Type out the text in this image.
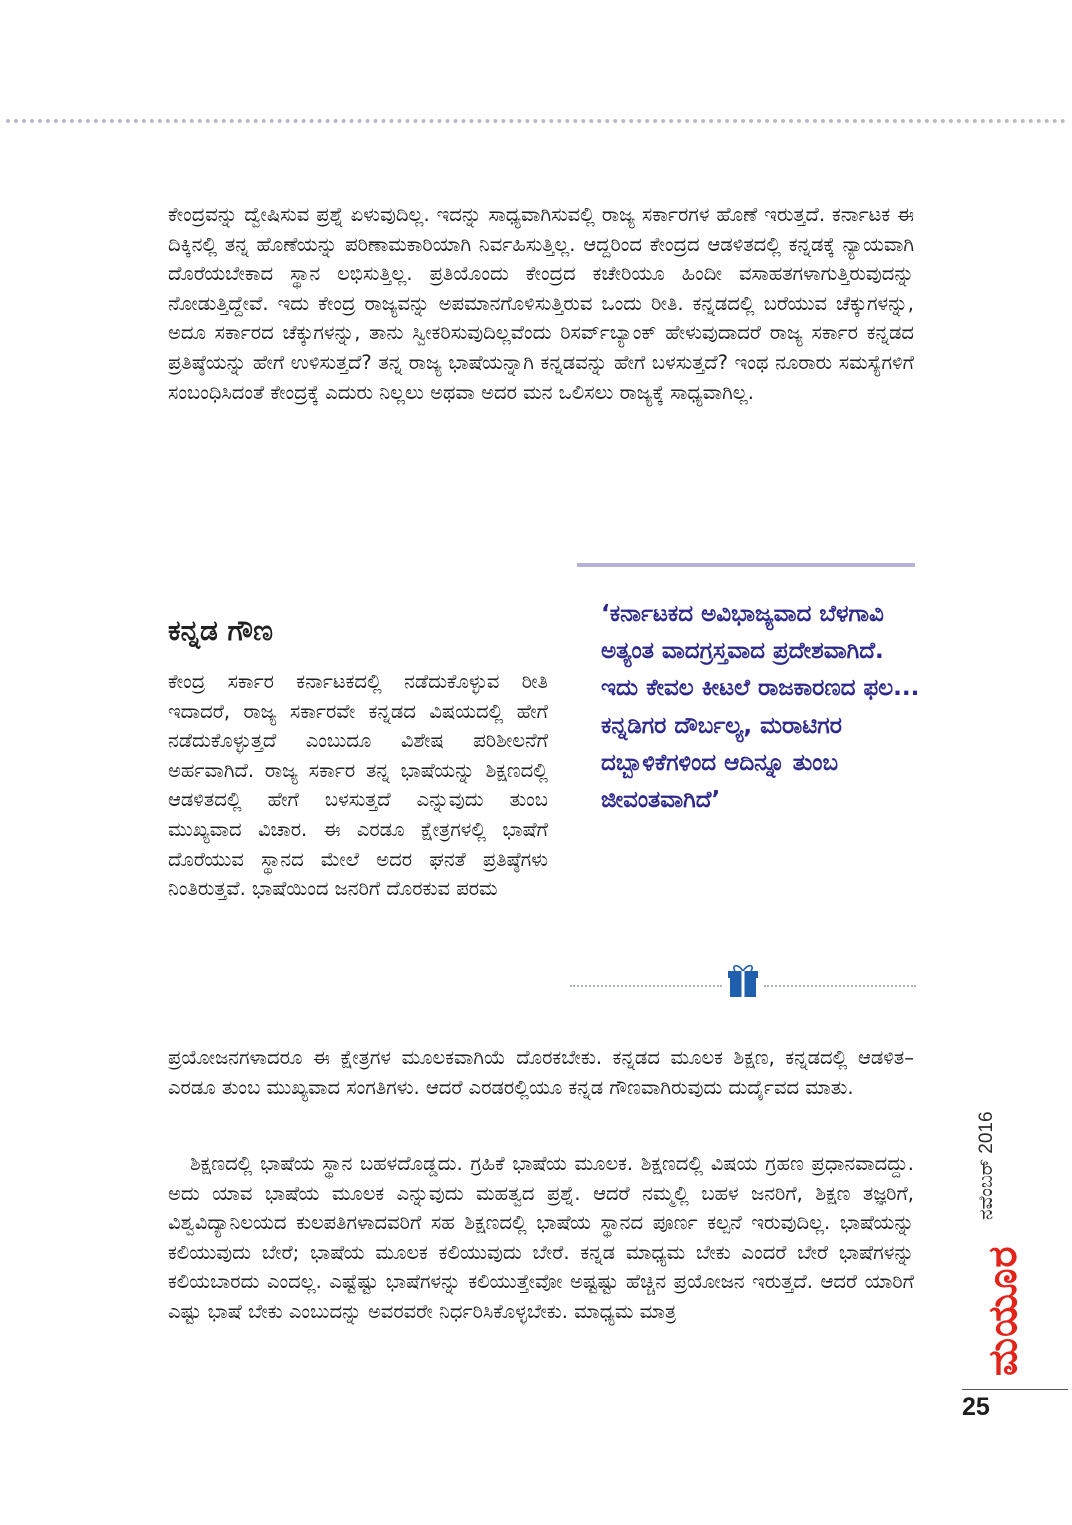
ಕೇಂದ್ರವನ್ನು ದ್ವೇಷಿಸುವ ಪ್ರಶ್ನೆ ಏಳುವುದಿಲ್ಲ. ಇದನ್ನು ಸಾಧ್ಯವಾಗಿಸುವಲ್ಲಿ ರಾಜ್ಯ ಸರ್ಕಾರಗಳ ಹೊಣೆ ಇರುತ್ತದೆ. ಕರ್ನಾಟಕ ಈ ದಿಕ್ಕಿನಲ್ಲಿ ತನ್ನ ಹೊಣೆಯನ್ನು ಪರಿಣಾಮಕಾರಿಯಾಗಿ ನಿರ್ವಹಿಸುತ್ತಿಲ್ಲ. ಆದ್ದರಿಂದ ಕೇಂದ್ರದ ಆಡಳಿತದಲ್ಲಿ ಕನ್ನಡಕ್ಕೆ ನ್ಯಾಯವಾಗಿ ದೊರೆಯಬೇಕಾದ ಸ್ಥಾನ ಲಭಿಸುತ್ತಿಲ್ಲ. ಪ್ರತಿಯೊಂದು ಕೇಂದ್ರದ ಕಚೇರಿಯೂ ಹಿಂದೀ ವಸಾಹತಗಳಾಗುತ್ತಿರುವುದನ್ನು ನೋಡುತ್ತಿದ್ದೇವೆ. ಇದು ಕೇಂದ್ರ ರಾಜ್ಯವನ್ನು ಅಪಮಾನಗೊಳಿಸುತ್ತಿರುವ ಒಂದು ರೀತಿ. ಕನ್ನಡದಲ್ಲಿ ಬರೆಯುವ ಚೆಕ್ಕುಗಳನ್ನು, ಅದೂ ಸರ್ಕಾರದ ಚೆಕ್ಕುಗಳನ್ನು, ತಾನು ಸ್ವೀಕರಿಸುವುದಿಲ್ಲವೆಂದು ರಿಸರ್ವ್‌ಬ್ಯಾಂಕ್ ಹೇಳುವುದಾದರೆ ರಾಜ್ಯ ಸರ್ಕಾರ ಕನ್ನಡದ ಪ್ರತಿಷ್ಠೆಯನ್ನು ಹೇಗೆ ಉಳಿಸುತ್ತದೆ? ತನ್ನ ರಾಜ್ಯ ಭಾಷೆಯನ್ನಾಗಿ ಕನ್ನಡವನ್ನು ಹೇಗೆ ಬಳಸುತ್ತದೆ? ಇಂಥ ನೂರಾರು ಸಮಸ್ಯೆಗಳಿಗೆ ಸಂಬಂಧಿಸಿದಂತೆ ಕೇಂದ್ರಕ್ಕೆ ಎದುರು ನಿಲ್ಲಲು ಅಥವಾ ಅದರ ಮನ ಒಲಿಸಲು ರಾಜ್ಯಕ್ಕೆ ಸಾಧ್ಯವಾಗಿಲ್ಲ.

‘ಕರ್ನಾಟಕದ ಅವಿಭಾಜ್ಯವಾದ ಬೆಳಗಾವಿ ಅತ್ಯಂತ ವಾದಗ್ರಸ್ತವಾದ ಪ್ರದೇಶವಾಗಿದೆ. ಇದು ಕೇವಲ ಕೀಟಲೆ ರಾಜಕಾರಣದ ಫಲ... ಕನ್ನಡಿಗರ ದೌರ್ಬಲ್ಯ, ಮರಾಟಿಗರ ದಬ್ಬಾಳಿಕೆಗಳಿಂದ ಆದಿನ್ನೂ ತುಂಬ ಜೀವಂತವಾಗಿದೆ’

ಕನ್ನಡ ಗೌಣ

ಕೇಂದ್ರ ಸರ್ಕಾರ ಕರ್ನಾಟಕದಲ್ಲಿ ನಡೆದುಕೊಳ್ಳುವ ರೀತಿ ಇದಾದರೆ, ರಾಜ್ಯ ಸರ್ಕಾರವೇ ಕನ್ನಡದ ವಿಷಯದಲ್ಲಿ ಹೇಗೆ ನಡೆದುಕೊಳ್ಳುತ್ತದೆ ಎಂಬುದೂ ವಿಶೇಷ ಪರಿಶೀಲನೆಗೆ ಅರ್ಹವಾಗಿದೆ. ರಾಜ್ಯ ಸರ್ಕಾರ ತನ್ನ ಭಾಷೆಯನ್ನು ಶಿಕ್ಷಣದಲ್ಲಿ ಆಡಳಿತದಲ್ಲಿ ಹೇಗೆ ಬಳಸುತ್ತದೆ ಎನ್ನುವುದು ತುಂಬ ಮುಖ್ಯವಾದ ವಿಚಾರ. ಈ ಎರಡೂ ಕ್ಷೇತ್ರಗಳಲ್ಲಿ ಭಾಷೆಗೆ ದೊರೆಯುವ ಸ್ಥಾನದ ಮೇಲೆ ಅದರ ಘನತೆ ಪ್ರತಿಷ್ಠೆಗಳು ನಿಂತಿರುತ್ತವೆ. ಭಾಷೆಯಿಂದ ಜನರಿಗೆ ದೊರಕುವ ಪರಮ

ಪ್ರಯೋಜನಗಳಾದರೂ ಈ ಕ್ಷೇತ್ರಗಳ ಮೂಲಕವಾಗಿಯೆ ದೊರಕಬೇಕು. ಕನ್ನಡದ ಮೂಲಕ ಶಿಕ್ಷಣ, ಕನ್ನಡದಲ್ಲಿ ಆಡಳಿತ– ಎರಡೂ ತುಂಬ ಮುಖ್ಯವಾದ ಸಂಗತಿಗಳು. ಆದರೆ ಎರಡರಲ್ಲಿಯೂ ಕನ್ನಡ ಗೌಣವಾಗಿರುವುದು ದುರ್ದೈವದ ಮಾತು.

ಶಿಕ್ಷಣದಲ್ಲಿ ಭಾಷೆಯ ಸ್ಥಾನ ಬಹಳದೊಡ್ಡದು. ಗ್ರಹಿಕೆ ಭಾಷೆಯ ಮೂಲಕ. ಶಿಕ್ಷಣದಲ್ಲಿ ವಿಷಯ ಗ್ರಹಣ ಪ್ರಧಾನವಾದದ್ದು. ಅದು ಯಾವ ಭಾಷೆಯ ಮೂಲಕ ಎನ್ನುವುದು ಮಹತ್ವದ ಪ್ರಶ್ನೆ. ಆದರೆ ನಮ್ಮಲ್ಲಿ ಬಹಳ ಜನರಿಗೆ, ಶಿಕ್ಷಣ ತಜ್ಞರಿಗೆ, ವಿಶ್ವವಿದ್ಯಾನಿಲಯದ ಕುಲಪತಿಗಳಾದವರಿಗೆ ಸಹ ಶಿಕ್ಷಣದಲ್ಲಿ ಭಾಷೆಯ ಸ್ಥಾನದ ಪೂರ್ಣ ಕಲ್ಪನೆ ಇರುವುದಿಲ್ಲ. ಭಾಷೆಯನ್ನು ಕಲಿಯುವುದು ಬೇರೆ; ಭಾಷೆಯ ಮೂಲಕ ಕಲಿಯುವುದು ಬೇರೆ. ಕನ್ನಡ ಮಾಧ್ಯಮ ಬೇಕು ಎಂದರೆ ಬೇರೆ ಭಾಷೆಗಳನ್ನು ಕಲಿಯಬಾರದು ಎಂದಲ್ಲ. ಎಷ್ಟೆಷ್ಟು ಭಾಷೆಗಳನ್ನು ಕಲಿಯುತ್ತೇವೋ ಅಷ್ಟಷ್ಟು ಹೆಚ್ಚಿನ ಪ್ರಯೋಜನ ಇರುತ್ತದೆ. ಆದರೆ ಯಾರಿಗೆ ಎಷ್ಟು ಭಾಷೆ ಬೇಕು ಎಂಬುದನ್ನು ಅವರವರೇ ನಿರ್ಧರಿಸಿಕೊಳ್ಳಬೇಕು. ಮಾಧ್ಯಮ ಮಾತ್ರ

ನವೆಂಬರ್ 2016
ಮಯೂರ

25
